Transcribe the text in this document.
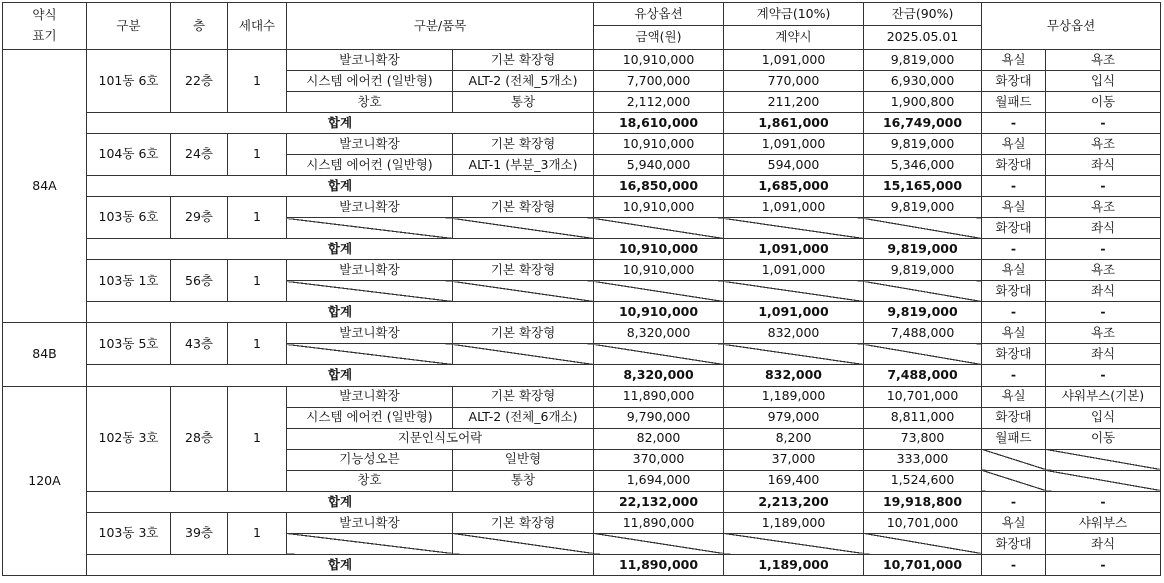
약식
표기	구분	층	세대수	구분/품목		유상옵션	계약금(10%)	잔금(90%)	무상옵션	
						금액(원)	계약시	2025.05.01		
84A	101동 6호	22층	1	발코니확장	기본 확장형	10,910,000	1,091,000	9,819,000	욕실	욕조
				시스템 에어컨 (일반형)	ALT-2 (전체_5개소)	7,700,000	770,000	6,930,000	화장대	입식
				창호	통창	2,112,000	211,200	1,900,800	월패드	이동
	합계					18,610,000	1,861,000	16,749,000	-	-
	104동 6호	24층	1	발코니확장	기본 확장형	10,910,000	1,091,000	9,819,000	욕실	욕조
				시스템 에어컨 (일반형)	ALT-1 (부분_3개소)	5,940,000	594,000	5,346,000	화장대	좌식
	합계					16,850,000	1,685,000	15,165,000	-	-
	103동 6호	29층	1	발코니확장	기본 확장형	10,910,000	1,091,000	9,819,000	욕실	욕조
									화장대	좌식
	합계					10,910,000	1,091,000	9,819,000	-	-
	103동 1호	56층	1	발코니확장	기본 확장형	10,910,000	1,091,000	9,819,000	욕실	욕조
									화장대	좌식
	합계					10,910,000	1,091,000	9,819,000	-	-
84B	103동 5호	43층	1	발코니확장	기본 확장형	8,320,000	832,000	7,488,000	욕실	욕조
									화장대	좌식
	합계					8,320,000	832,000	7,488,000	-	-
120A	102동 3호	28층	1	발코니확장	기본 확장형	11,890,000	1,189,000	10,701,000	욕실	샤워부스(기본)
				시스템 에어컨 (일반형)	ALT-2 (전체_6개소)	9,790,000	979,000	8,811,000	화장대	입식
				지문인식도어락		82,000	8,200	73,800	월패드	이동
				기능성오븐	일반형	370,000	37,000	333,000		
				창호	통창	1,694,000	169,400	1,524,600		
	합계					22,132,000	2,213,200	19,918,800	-	-
	103동 3호	39층	1	발코니확장	기본 확장형	11,890,000	1,189,000	10,701,000	욕실	샤워부스
									화장대	좌식
	합계					11,890,000	1,189,000	10,701,000	-	-
